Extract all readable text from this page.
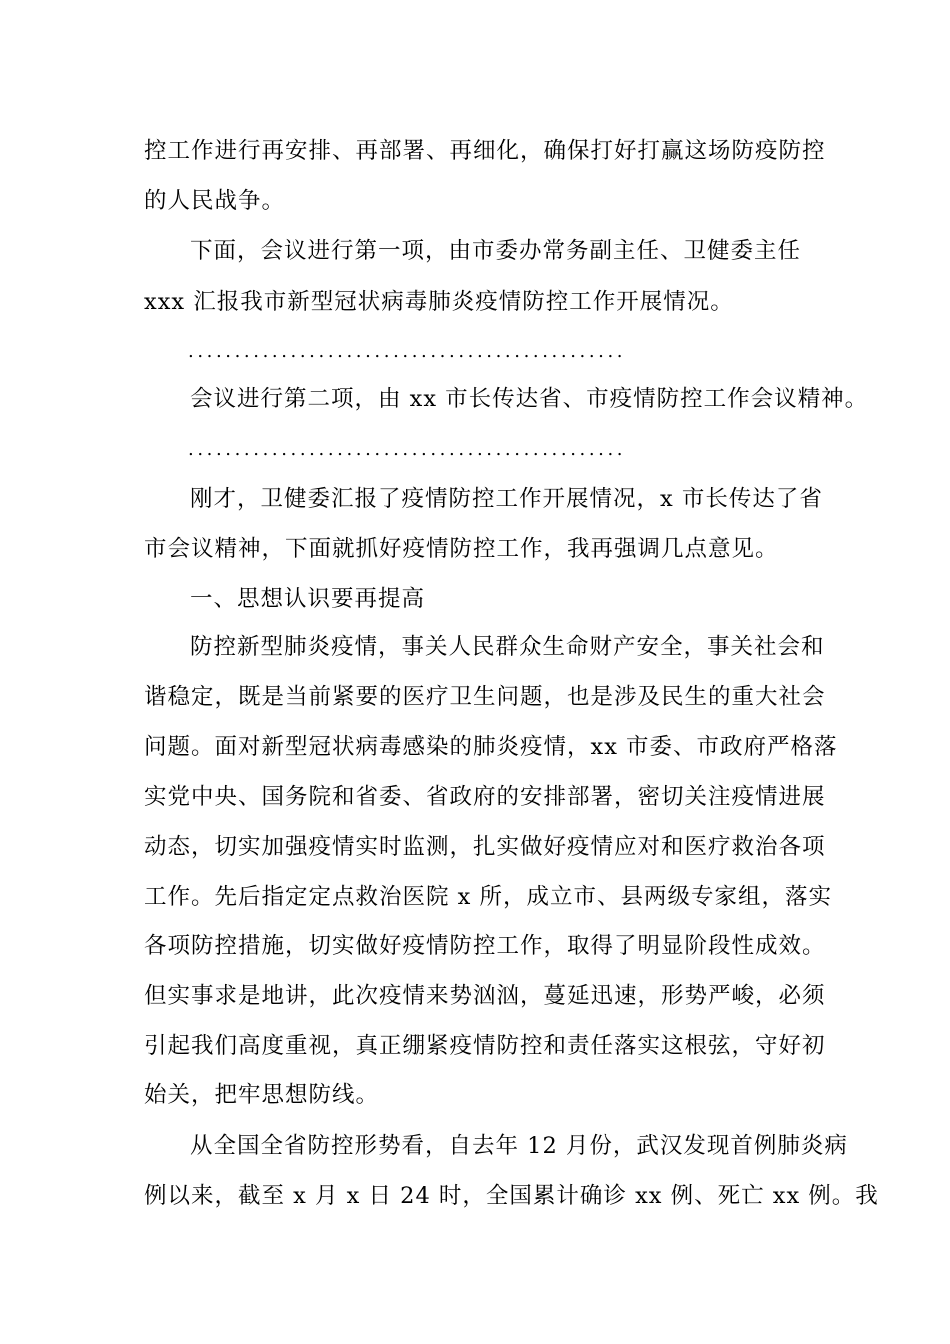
控工作进行再安排、再部署、再细化，确保打好打赢这场防疫防控
的人民战争。
下面，会议进行第一项，由市委办常务副主任、卫健委主任
xxx 汇报我市新型冠状病毒肺炎疫情防控工作开展情况。
...............................................
会议进行第二项，由 xx 市长传达省、市疫情防控工作会议精神。
...............................................
刚才，卫健委汇报了疫情防控工作开展情况，x 市长传达了省
市会议精神，下面就抓好疫情防控工作，我再强调几点意见。
一、思想认识要再提高
防控新型肺炎疫情，事关人民群众生命财产安全，事关社会和
谐稳定，既是当前紧要的医疗卫生问题，也是涉及民生的重大社会
问题。面对新型冠状病毒感染的肺炎疫情，xx 市委、市政府严格落
实党中央、国务院和省委、省政府的安排部署，密切关注疫情进展
动态，切实加强疫情实时监测，扎实做好疫情应对和医疗救治各项
工作。先后指定定点救治医院 x 所，成立市、县两级专家组，落实
各项防控措施，切实做好疫情防控工作，取得了明显阶段性成效。
但实事求是地讲，此次疫情来势汹汹，蔓延迅速，形势严峻，必须
引起我们高度重视，真正绷紧疫情防控和责任落实这根弦，守好初
始关，把牢思想防线。
从全国全省防控形势看，自去年 12 月份，武汉发现首例肺炎病
例以来，截至 x 月 x 日 24 时，全国累计确诊 xx 例、死亡 xx 例。我
